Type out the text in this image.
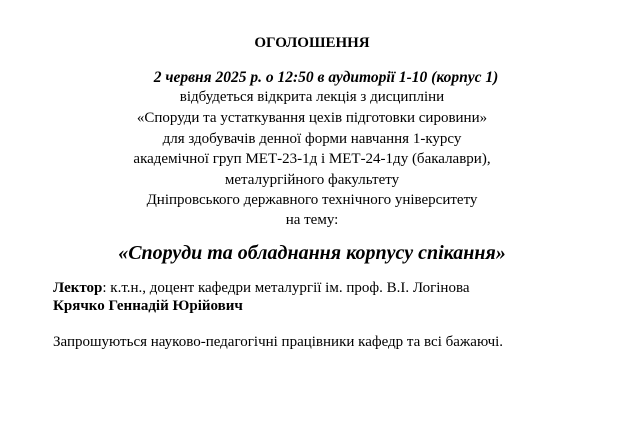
ОГОЛОШЕННЯ
2 червня 2025 р. о 12:50 в аудиторії 1-10 (корпус 1)
відбудеться відкрита лекція з дисципліни
«Споруди та устаткування цехів підготовки сировини»
для здобувачів денної форми навчання 1-курсу
академічної груп МЕТ-23-1д і МЕТ-24-1ду (бакалаври),
металургійного факультету
Дніпровського державного технічного університету
на тему:
«Споруди та обладнання корпусу спікання»
Лектор: к.т.н., доцент кафедри металургії ім. проф. В.І. Логінова
Крячко Геннадій Юрійович
Запрошуються науково-педагогічні працівники кафедр та всі бажаючі.
